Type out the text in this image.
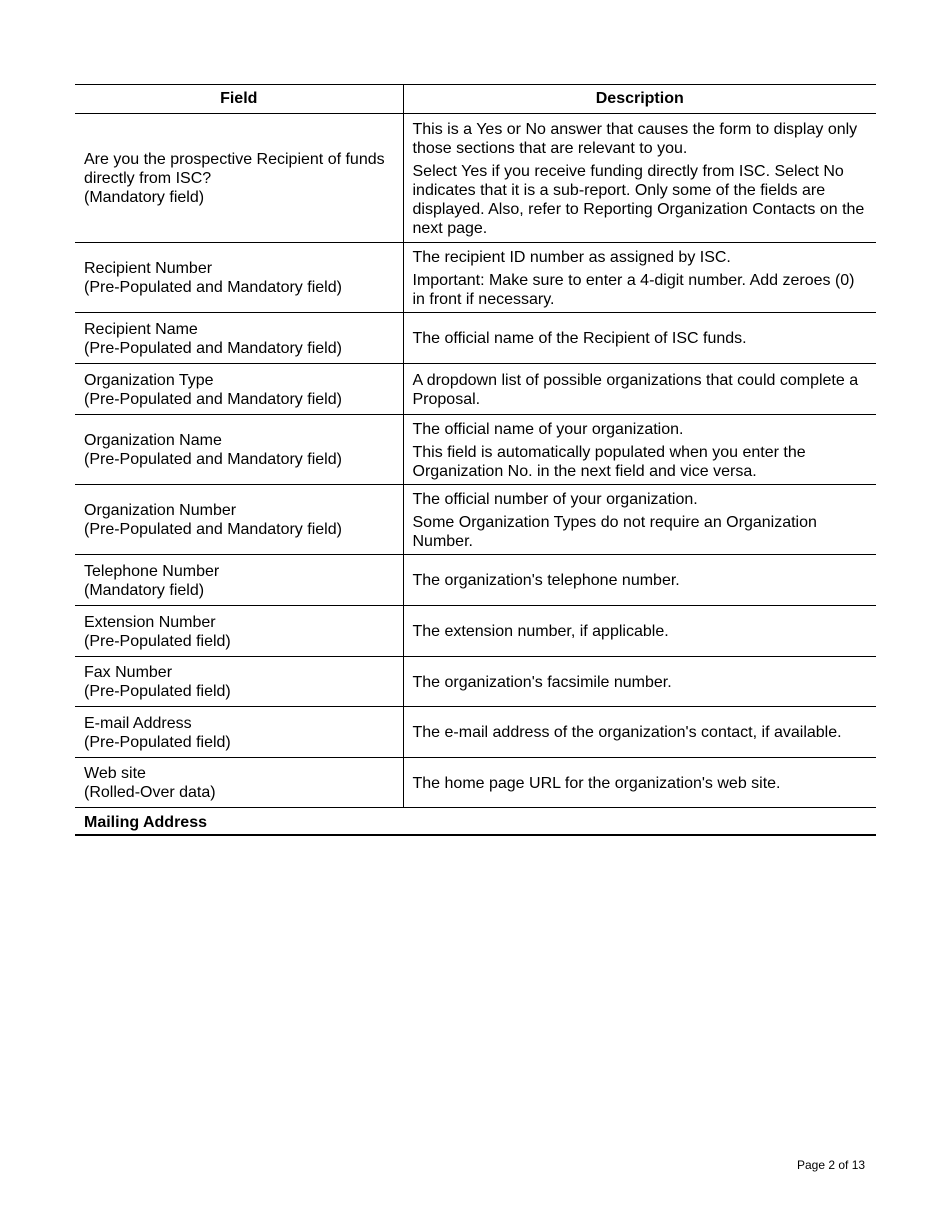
Field	Description

Are you the prospective Recipient of funds directly from ISC?
(Mandatory field)	This is a Yes or No answer that causes the form to display only those sections that are relevant to you.
Select Yes if you receive funding directly from ISC. Select No indicates that it is a sub-report. Only some of the fields are displayed. Also, refer to Reporting Organization Contacts on the next page.

Recipient Number
(Pre-Populated and Mandatory field)	The recipient ID number as assigned by ISC.
Important: Make sure to enter a 4-digit number. Add zeroes (0) in front if necessary.

Recipient Name
(Pre-Populated and Mandatory field)	The official name of the Recipient of ISC funds.

Organization Type
(Pre-Populated and Mandatory field)	A dropdown list of possible organizations that could complete a Proposal.

Organization Name
(Pre-Populated and Mandatory field)	The official name of your organization.
This field is automatically populated when you enter the Organization No. in the next field and vice versa.

Organization Number
(Pre-Populated and Mandatory field)	The official number of your organization.
Some Organization Types do not require an Organization Number.

Telephone Number
(Mandatory field)	The organization's telephone number.

Extension Number
(Pre-Populated field)	The extension number, if applicable.

Fax Number
(Pre-Populated field)	The organization's facsimile number.

E-mail Address
(Pre-Populated field)	The e-mail address of the organization's contact, if available.

Web site
(Rolled-Over data)	The home page URL for the organization's web site.

Mailing Address	
Page 2 of 13
